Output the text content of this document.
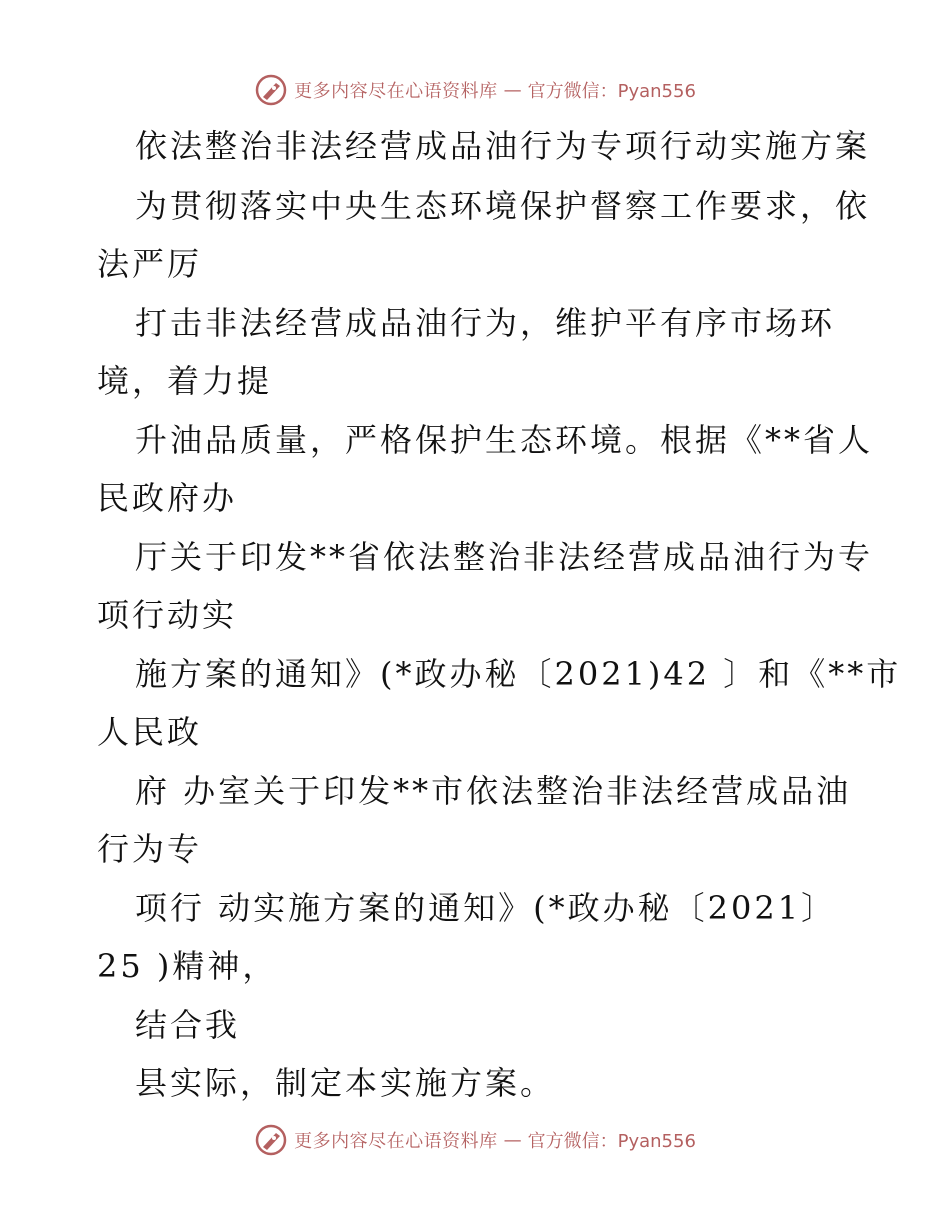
更多内容尽在心语资料库 — 官方微信：Pyan556
依法整治非法经营成品油行为专项行动实施方案
为贯彻落实中央生态环境保护督察工作要求，依
法严厉
打击非法经营成品油行为，维护平有序市场环
境，着力提
升油品质量，严格保护生态环境。根据《**省人
民政府办
厅关于印发**省依法整治非法经营成品油行为专
项行动实
施方案的通知》(*政办秘〔2021)42 〕和《**市
人民政
府 办室关于印发**市依法整治非法经营成品油
行为专
项行 动实施方案的通知》(*政办秘〔2021〕
25 )精神，
结合我
县实际，制定本实施方案。
更多内容尽在心语资料库 — 官方微信：Pyan556
